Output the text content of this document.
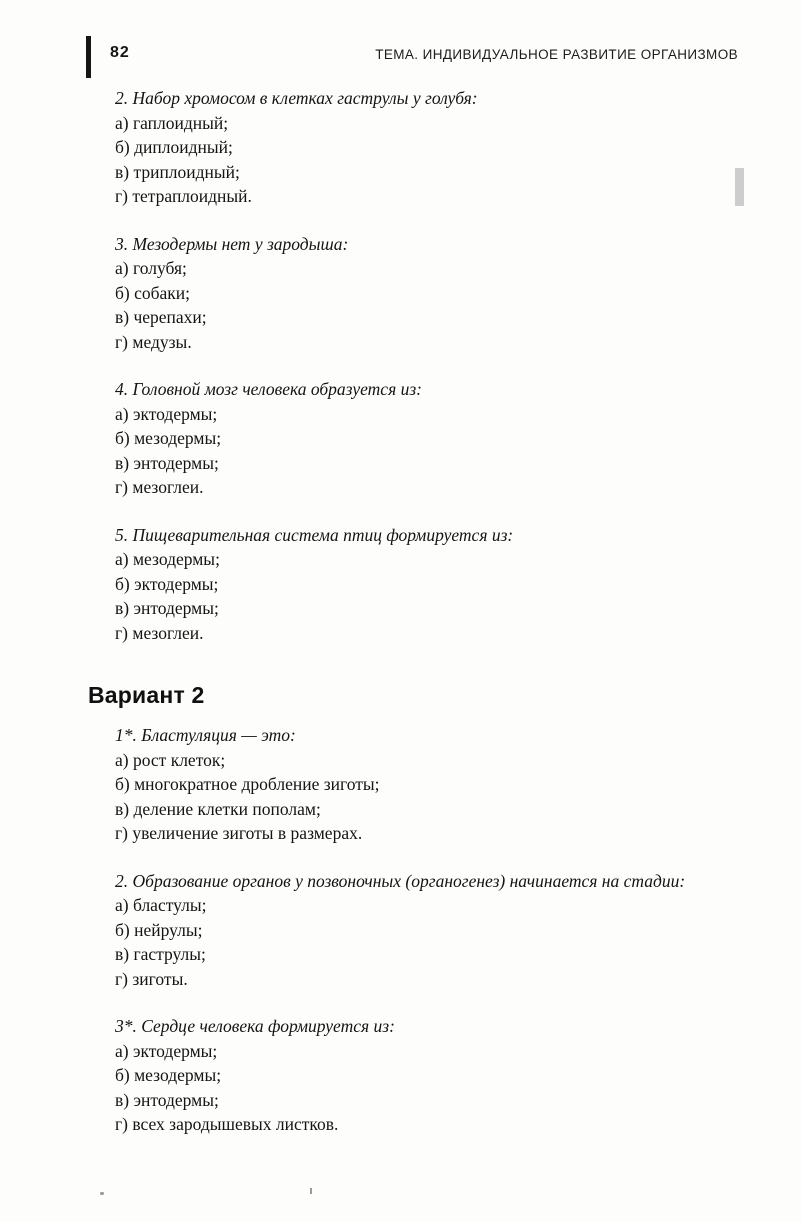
82	ТЕМА. ИНДИВИДУАЛЬНОЕ РАЗВИТИЕ ОРГАНИЗМОВ

2. Набор хромосом в клетках гаструлы у голубя:

а) гаплоидный;

б) диплоидный;

в) триплоидный;

г) тетраплоидный.

3. Мезодермы нет у зародыша:

а) голубя;

б) собаки;

в) черепахи;

г) медузы.

4. Головной мозг человека образуется из:

а) эктодермы;

б) мезодермы;

в) энтодермы;

г) мезоглеи.

5. Пищеварительная система птиц формируется из:

а) мезодермы;

б) эктодермы;

в) энтодермы;

г) мезоглеи.

Вариант 2

1*. Бластуляция — это:

а) рост клеток;

б) многократное дробление зиготы;

в) деление клетки пополам;

г) увеличение зиготы в размерах.

2. Образование органов у позвоночных (органогенез) начинается на стадии:

а) бластулы;

б) нейрулы;

в) гаструлы;

г) зиготы.

3*. Сердце человека формируется из:

а) эктодермы;

б) мезодермы;

в) энтодермы;

г) всех зародышевых листков.
